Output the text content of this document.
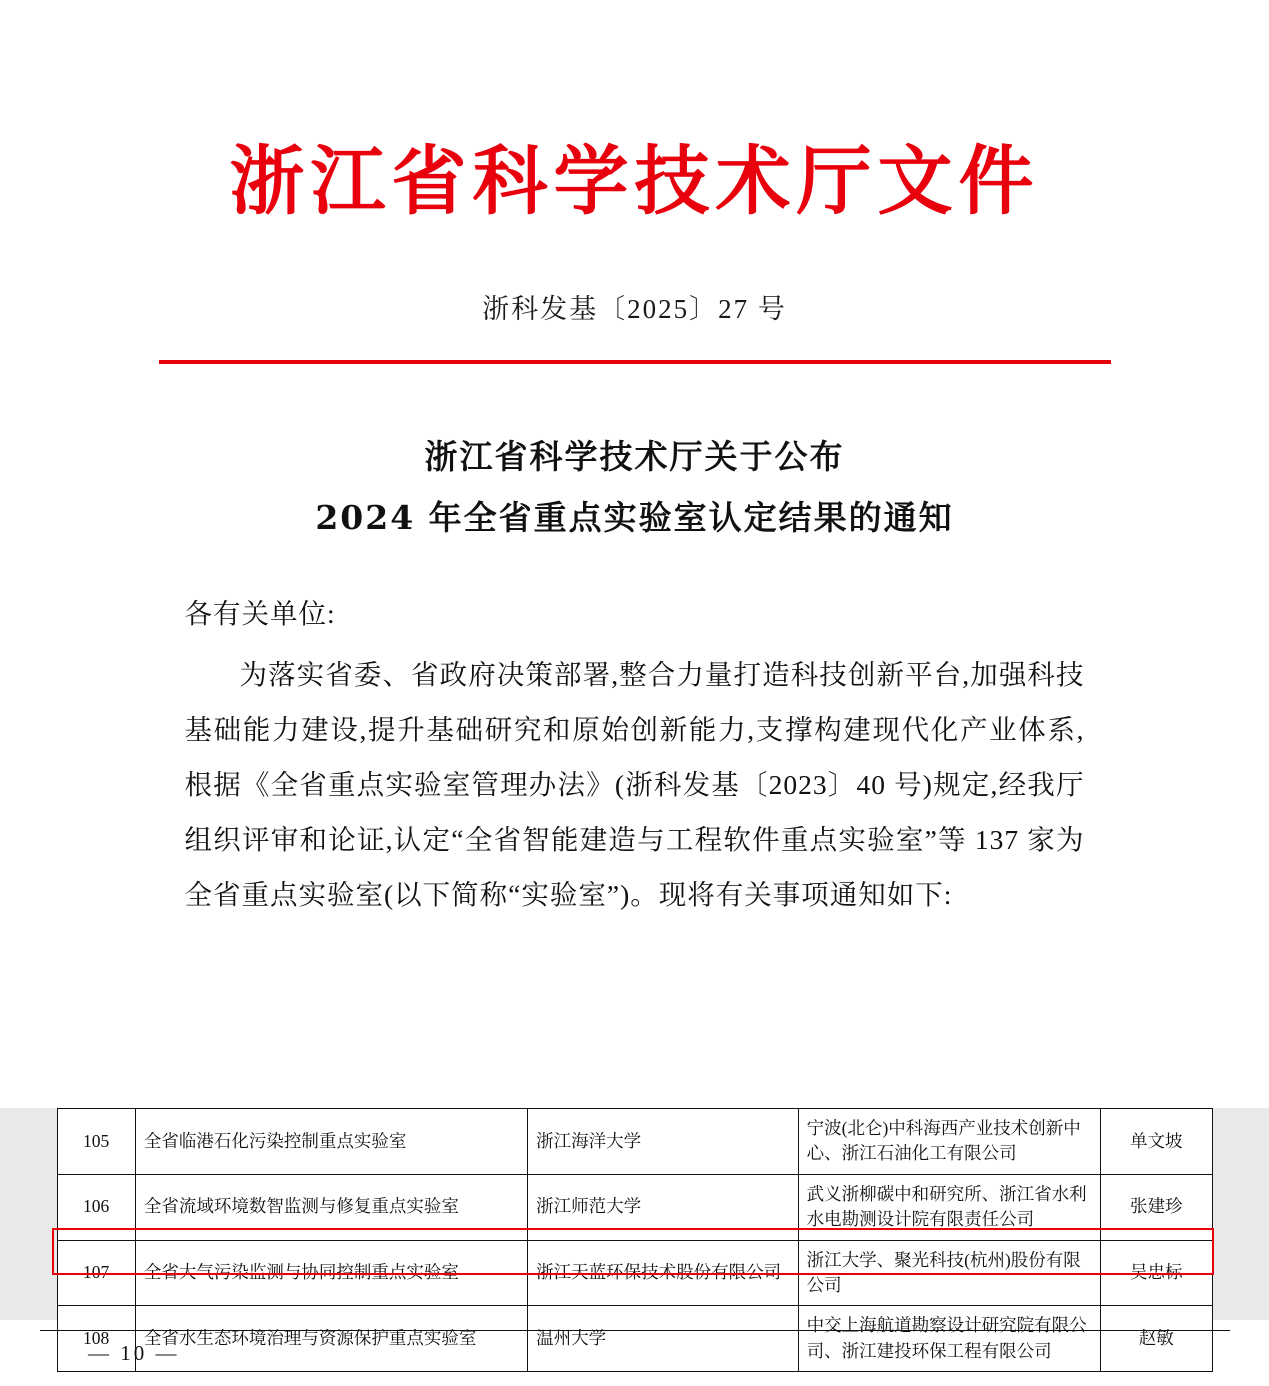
浙江省科学技术厅文件
浙科发基〔2025〕27 号
浙江省科学技术厅关于公布
2024 年全省重点实验室认定结果的通知
各有关单位:
为落实省委、省政府决策部署,整合力量打造科技创新平台,加强科技基础能力建设,提升基础研究和原始创新能力,支撑构建现代化产业体系,根据《全省重点实验室管理办法》(浙科发基〔2023〕40 号)规定,经我厅组织评审和论证,认定“全省智能建造与工程软件重点实验室”等 137 家为全省重点实验室(以下简称“实验室”)。现将有关事项通知如下:
105	全省临港石化污染控制重点实验室	浙江海洋大学	宁波(北仑)中科海西产业技术创新中心、浙江石油化工有限公司	单文坡
106	全省流域环境数智监测与修复重点实验室	浙江师范大学	武义浙柳碳中和研究所、浙江省水利水电勘测设计院有限责任公司	张建珍
107	全省大气污染监测与协同控制重点实验室	浙江天蓝环保技术股份有限公司	浙江大学、聚光科技(杭州)股份有限公司	吴忠标
108	全省水生态环境治理与资源保护重点实验室	温州大学	中交上海航道勘察设计研究院有限公司、浙江建投环保工程有限公司	赵敏
— 10 —
